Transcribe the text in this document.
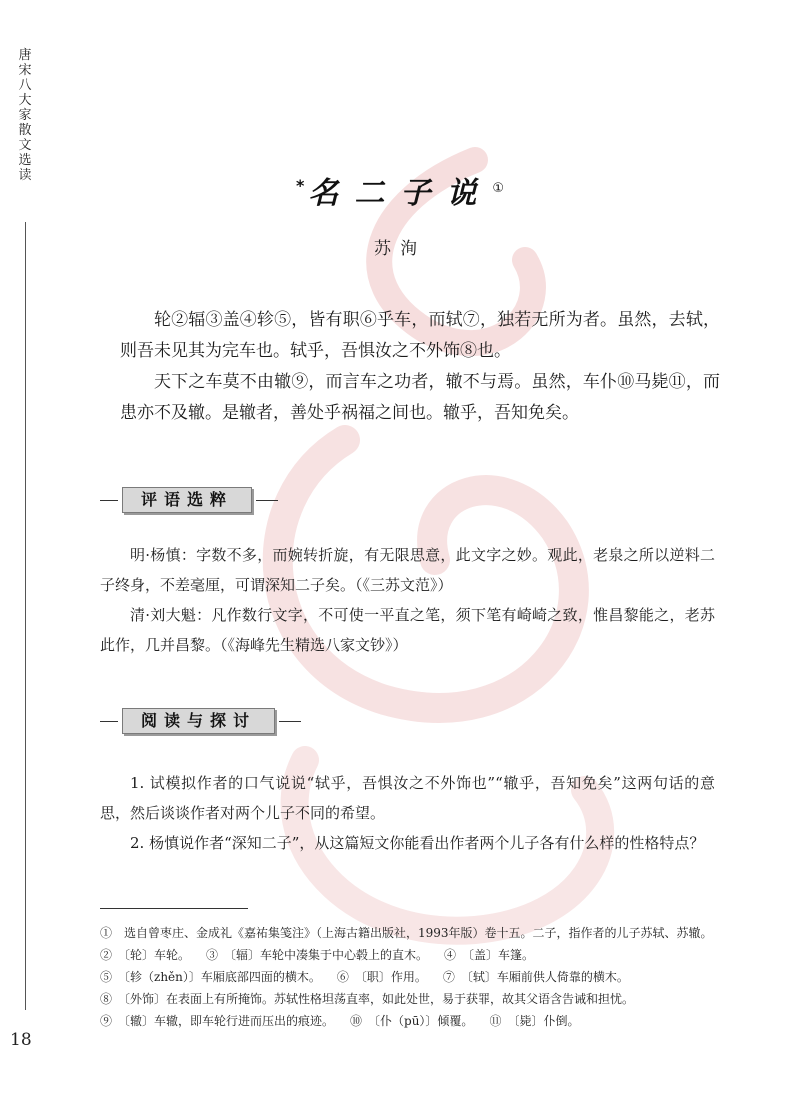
唐宋八大家散文选读
* 名二子说①
苏洵

轮②辐③盖④轸⑤，皆有职⑥乎车，而轼⑦，独若无所为者。虽然，去轼，则吾未见其为完车也。轼乎，吾惧汝之不外饰⑧也。

天下之车莫不由辙⑨，而言车之功者，辙不与焉。虽然，车仆⑩马毙⑪，而患亦不及辙。是辙者，善处乎祸福之间也。辙乎，吾知免矣。

评语选粹

明·杨慎：字数不多，而婉转折旋，有无限思意，此文字之妙。观此，老泉之所以逆料二子终身，不差毫厘，可谓深知二子矣。（《三苏文范》）

清·刘大魁：凡作数行文字，不可使一平直之笔，须下笔有崎崎之致，惟昌黎能之，老苏此作，几并昌黎。（《海峰先生精选八家文钞》）

阅读与探讨

1. 试模拟作者的口气说说“轼乎，吾惧汝之不外饰也”“辙乎，吾知免矣”这两句话的意思，然后谈谈作者对两个儿子不同的希望。

2. 杨慎说作者“深知二子”，从这篇短文你能看出作者两个儿子各有什么样的性格特点？

①　选自曾枣庄、金成礼《嘉祐集笺注》（上海古籍出版社，1993年版）卷十五。二子，指作者的儿子苏轼、苏辙。
②　〔轮〕车轮。 ③　〔辐〕车轮中凑集于中心毂上的直木。 ④　〔盖〕车篷。
⑤　〔轸（zhěn）〕车厢底部四面的横木。 ⑥　〔职〕作用。 ⑦　〔轼〕车厢前供人倚靠的横木。
⑧　〔外饰〕在表面上有所掩饰。苏轼性格坦荡直率，如此处世，易于获罪，故其父语含告诫和担忧。
⑨　〔辙〕车辙，即车轮行进而压出的痕迹。 ⑩　〔仆（pū）〕倾覆。 ⑪　〔毙〕仆倒。
18
